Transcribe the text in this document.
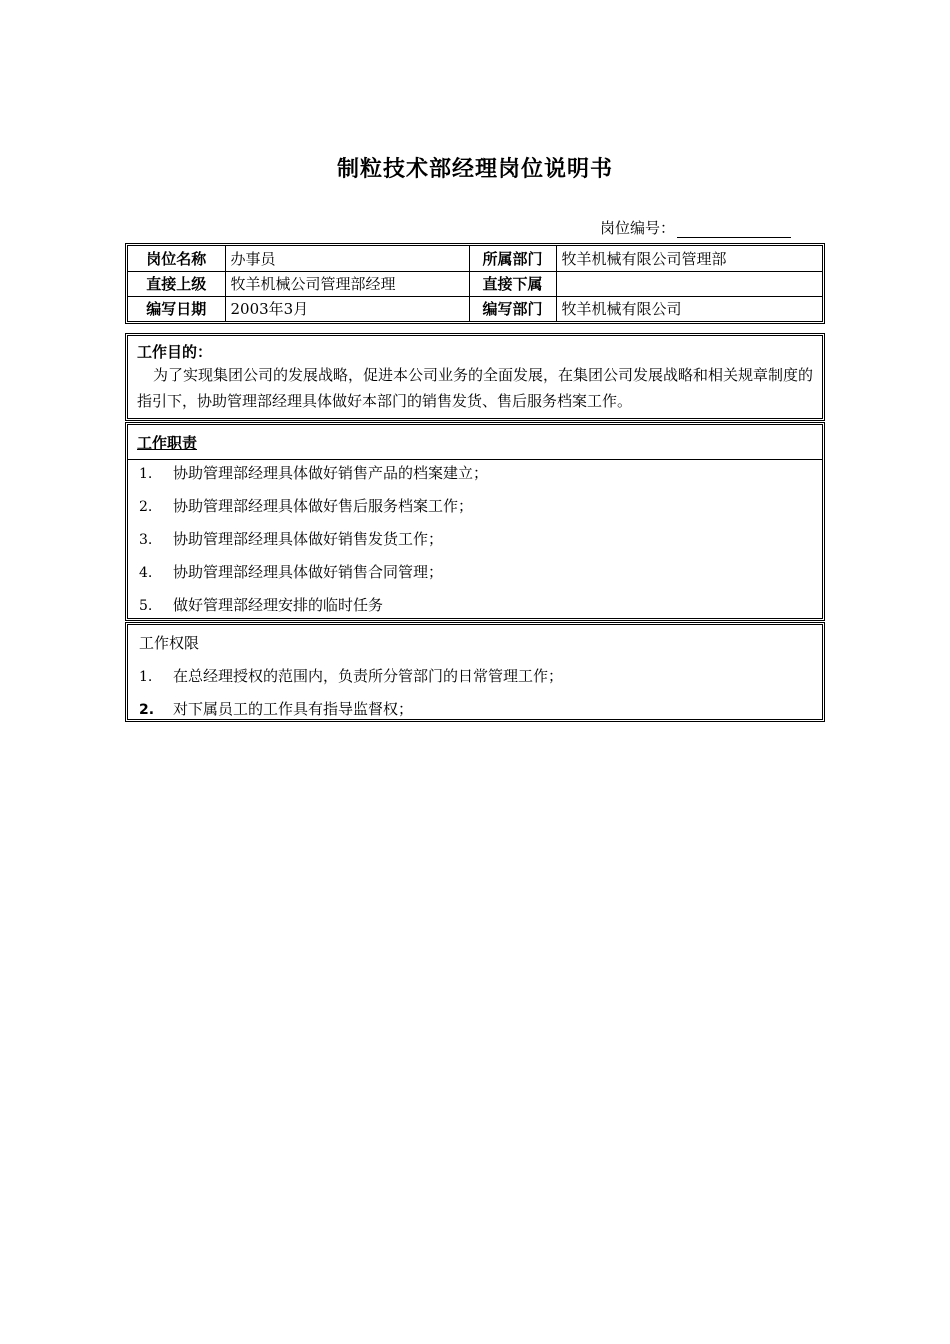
制粒技术部经理岗位说明书
岗位编号：
岗位名称	办事员	所属部门	牧羊机械有限公司管理部
直接上级	牧羊机械公司管理部经理	直接下属	
编写日期	2003年3月	编写部门	牧羊机械有限公司
工作目的：
为了实现集团公司的发展战略，促进本公司业务的全面发展，在集团公司发展战略和相关规章制度的指引下，协助管理部经理具体做好本部门的销售发货、售后服务档案工作。
工作职责
1. 协助管理部经理具体做好销售产品的档案建立；
2. 协助管理部经理具体做好售后服务档案工作；
3. 协助管理部经理具体做好销售发货工作；
4. 协助管理部经理具体做好销售合同管理；
5. 做好管理部经理安排的临时任务
工作权限
1. 在总经理授权的范围内，负责所分管部门的日常管理工作；
2. 对下属员工的工作具有指导监督权；
